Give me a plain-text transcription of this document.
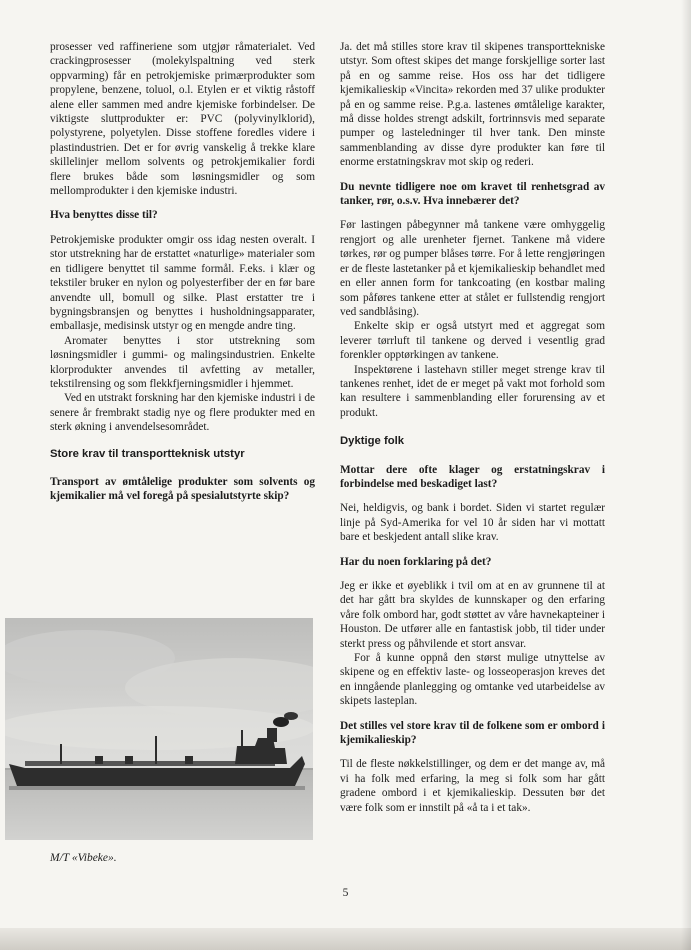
prosesser ved raffineriene som utgjør råmaterialet. Ved crackingprosesser (molekylspaltning ved sterk oppvarming) får en petrokjemiske primærprodukter som propylene, benzene, toluol, o.l. Etylen er et viktig råstoff alene eller sammen med andre kjemiske forbindelser. De viktigste sluttprodukter er: PVC (polyvinylklorid), polystyrene, polyetylen. Disse stoffene foredles videre i plastindustrien. Det er for øvrig vanskelig å trekke klare skillelinjer mellom solvents og petrokjemikalier fordi flere brukes både som løsningsmidler og som mellomprodukter i den kjemiske industri.

Hva benyttes disse til?

Petrokjemiske produkter omgir oss idag nesten overalt. I stor utstrekning har de erstattet «naturlige» materialer som en tidligere benyttet til samme formål. F.eks. i klær og tekstiler bruker en nylon og polyesterfiber der en før bare anvendte ull, bomull og silke. Plast erstatter tre i bygningsbransjen og benyttes i husholdningsapparater, emballasje, medisinsk utstyr og en mengde andre ting.

Aromater benyttes i stor utstrekning som løsningsmidler i gummi- og malingsindustrien. Enkelte klorprodukter anvendes til avfetting av metaller, tekstilrensing og som flekkfjerningsmidler i hjemmet.

Ved en utstrakt forskning har den kjemiske industri i de senere år frembrakt stadig nye og flere produkter med en sterk økning i anvendelsesområdet.

Store krav til transportteknisk utstyr

Transport av ømtålelige produkter som solvents og kjemikalier må vel foregå på spesialutstyrte skip?

M/T «Vibeke».

Ja. det må stilles store krav til skipenes transporttekniske utstyr. Som oftest skipes det mange forskjellige sorter last på en og samme reise. Hos oss har det tidligere kjemikalieskip «Vincita» rekorden med 37 ulike produkter på en og samme reise. P.g.a. lastenes ømtålelige karakter, må disse holdes strengt adskilt, fortrinnsvis med separate pumper og lasteledninger til hver tank. Den minste sammenblanding av disse dyre produkter kan føre til enorme erstatningskrav mot skip og rederi.

Du nevnte tidligere noe om kravet til renhetsgrad av tanker, rør, o.s.v. Hva innebærer det?

Før lastingen påbegynner må tankene være omhyggelig rengjort og alle urenheter fjernet. Tankene må videre tørkes, rør og pumper blåses tørre. For å lette rengjøringen er de fleste lastetanker på et kjemikalieskip behandlet med en eller annen form for tankcoating (en kostbar maling som påføres tankene etter at stålet er fullstendig rengjort ved sandblåsing).

Enkelte skip er også utstyrt med et aggregat som leverer tørrluft til tankene og derved i vesentlig grad forenkler opptørkingen av tankene.

Inspektørene i lastehavn stiller meget strenge krav til tankenes renhet, idet de er meget på vakt mot forhold som kan resultere i sammenblanding eller forurensing av et produkt.

Dyktige folk

Mottar dere ofte klager og erstatningskrav i forbindelse med beskadiget last?

Nei, heldigvis, og bank i bordet. Siden vi startet regulær linje på Syd-Amerika for vel 10 år siden har vi mottatt bare et beskjedent antall slike krav.

Har du noen forklaring på det?

Jeg er ikke et øyeblikk i tvil om at en av grunnene til at det har gått bra skyldes de kunnskaper og den erfaring våre folk ombord har, godt støttet av våre havnekapteiner i Houston. De utfører alle en fantastisk jobb, til tider under sterkt press og påhvilende et stort ansvar.

For å kunne oppnå den størst mulige utnyttelse av skipene og en effektiv laste- og losseoperasjon kreves det en inngående planlegging og omtanke ved utarbeidelse av skipets lasteplan.

Det stilles vel store krav til de folkene som er ombord i kjemikalieskip?

Til de fleste nøkkelstillinger, og dem er det mange av, må vi ha folk med erfaring, la meg si folk som har gått gradene ombord i et kjemikalieskip. Dessuten bør det være folk som er innstilt på «å ta i et tak».

5
